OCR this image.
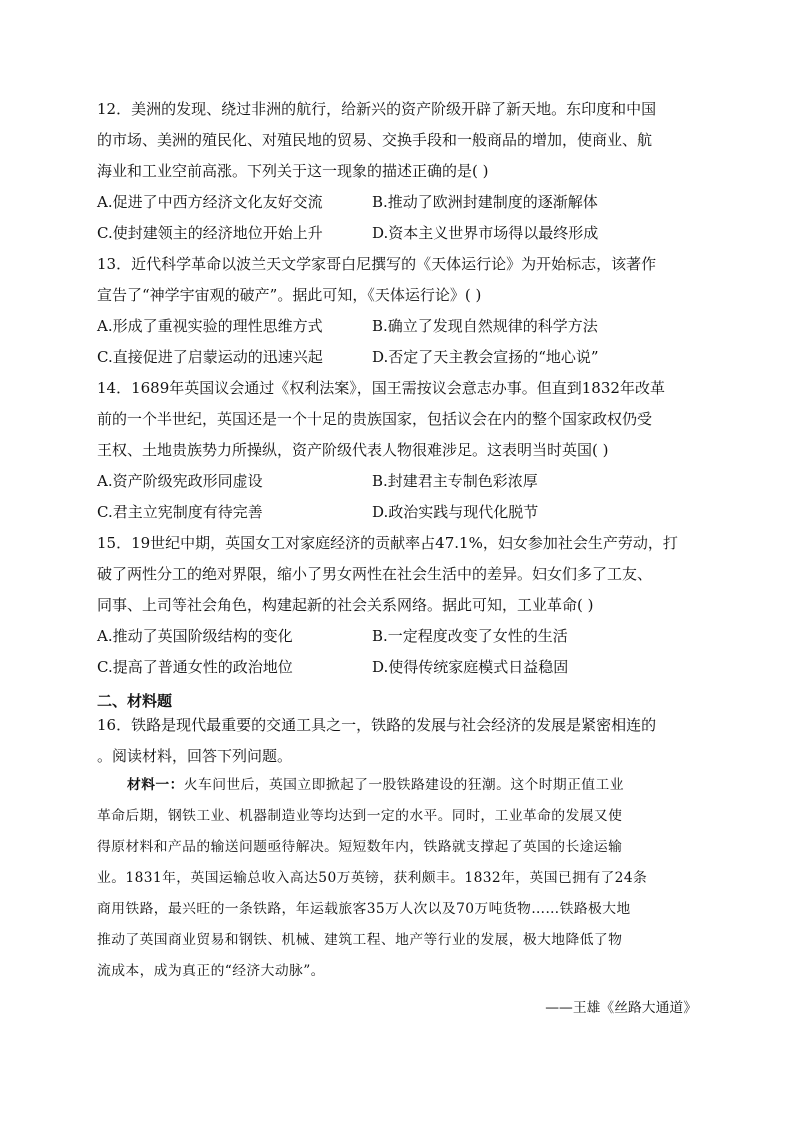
12．美洲的发现、绕过非洲的航行，给新兴的资产阶级开辟了新天地。东印度和中国
的市场、美洲的殖民化、对殖民地的贸易、交换手段和一般商品的增加，使商业、航
海业和工业空前高涨。下列关于这一现象的描述正确的是( )
A.促进了中西方经济文化友好交流	B.推动了欧洲封建制度的逐渐解体
C.使封建领主的经济地位开始上升	D.资本主义世界市场得以最终形成
13．近代科学革命以波兰天文学家哥白尼撰写的《天体运行论》为开始标志，该著作
宣告了“神学宇宙观的破产”。据此可知，《天体运行论》( )
A.形成了重视实验的理性思维方式	B.确立了发现自然规律的科学方法
C.直接促进了启蒙运动的迅速兴起	D.否定了天主教会宣扬的“地心说”
14．1689年英国议会通过《权利法案》，国王需按议会意志办事。但直到1832年改革
前的一个半世纪，英国还是一个十足的贵族国家，包括议会在内的整个国家政权仍受
王权、土地贵族势力所操纵，资产阶级代表人物很难涉足。这表明当时英国( )
A.资产阶级宪政形同虚设	B.封建君主专制色彩浓厚
C.君主立宪制度有待完善	D.政治实践与现代化脱节
15．19世纪中期，英国女工对家庭经济的贡献率占47.1%，妇女参加社会生产劳动，打
破了两性分工的绝对界限，缩小了男女两性在社会生活中的差异。妇女们多了工友、
同事、上司等社会角色，构建起新的社会关系网络。据此可知，工业革命( )
A.推动了英国阶级结构的变化	B.一定程度改变了女性的生活
C.提高了普通女性的政治地位	D.使得传统家庭模式日益稳固
二、材料题
16．铁路是现代最重要的交通工具之一，铁路的发展与社会经济的发展是紧密相连的
。阅读材料，回答下列问题。
材料一：火车问世后，英国立即掀起了一股铁路建设的狂潮。这个时期正值工业
革命后期，钢铁工业、机器制造业等均达到一定的水平。同时，工业革命的发展又使
得原材料和产品的输送问题亟待解决。短短数年内，铁路就支撑起了英国的长途运输
业。1831年，英国运输总收入高达50万英镑，获利颇丰。1832年，英国已拥有了24条
商用铁路，最兴旺的一条铁路，年运载旅客35万人次以及70万吨货物……铁路极大地
推动了英国商业贸易和钢铁、机械、建筑工程、地产等行业的发展，极大地降低了物
流成本，成为真正的“经济大动脉”。
——王雄《丝路大通道》
